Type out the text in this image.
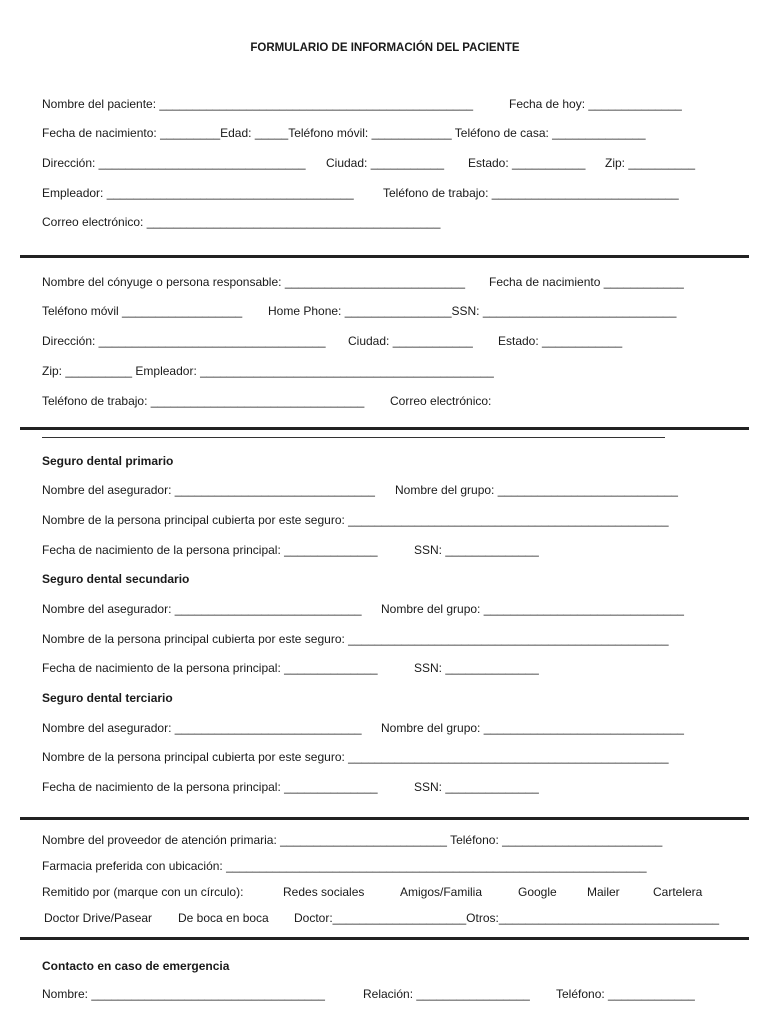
FORMULARIO DE INFORMACIÓN DEL PACIENTE
Nombre del paciente: _______________________________________________	Fecha de hoy: ______________
Fecha de nacimiento: _________Edad: _____Teléfono móvil: ____________ Teléfono de casa: ______________
Dirección: _______________________________ Ciudad: ___________ Estado: ___________ Zip: __________
Empleador: _____________________________________ Teléfono de trabajo: ____________________________
Correo electrónico: ____________________________________________
Nombre del cónyuge o persona responsable: ___________________________ Fecha de nacimiento ____________
Teléfono móvil __________________ Home Phone: ________________SSN: _____________________________
Dirección: __________________________________ Ciudad: ____________ Estado: ____________
Zip: __________ Empleador: ____________________________________________
Teléfono de trabajo: ________________________________ Correo electrónico:
Seguro dental primario
Nombre del asegurador: ______________________________ Nombre del grupo: ___________________________
Nombre de la persona principal cubierta por este seguro: ________________________________________________
Fecha de nacimiento de la persona principal: ______________	SSN: ______________
Seguro dental secundario
Nombre del asegurador: ____________________________ Nombre del grupo: ______________________________
Nombre de la persona principal cubierta por este seguro: ________________________________________________
Fecha de nacimiento de la persona principal: ______________	SSN: ______________
Seguro dental terciario
Nombre del asegurador: ____________________________ Nombre del grupo: ______________________________
Nombre de la persona principal cubierta por este seguro: ________________________________________________
Fecha de nacimiento de la persona principal: ______________	SSN: ______________
Nombre del proveedor de atención primaria: _________________________ Teléfono: ________________________
Farmacia preferida con ubicación: _______________________________________________________________
Remitido por (marque con un círculo):	Redes sociales	Amigos/Familia	Google	Mailer	Cartelera
Doctor Drive/Pasear De boca en boca Doctor:____________________Otros:_________________________________
Contacto en caso de emergencia
Nombre: ___________________________________	Relación: _________________ Teléfono: _____________
